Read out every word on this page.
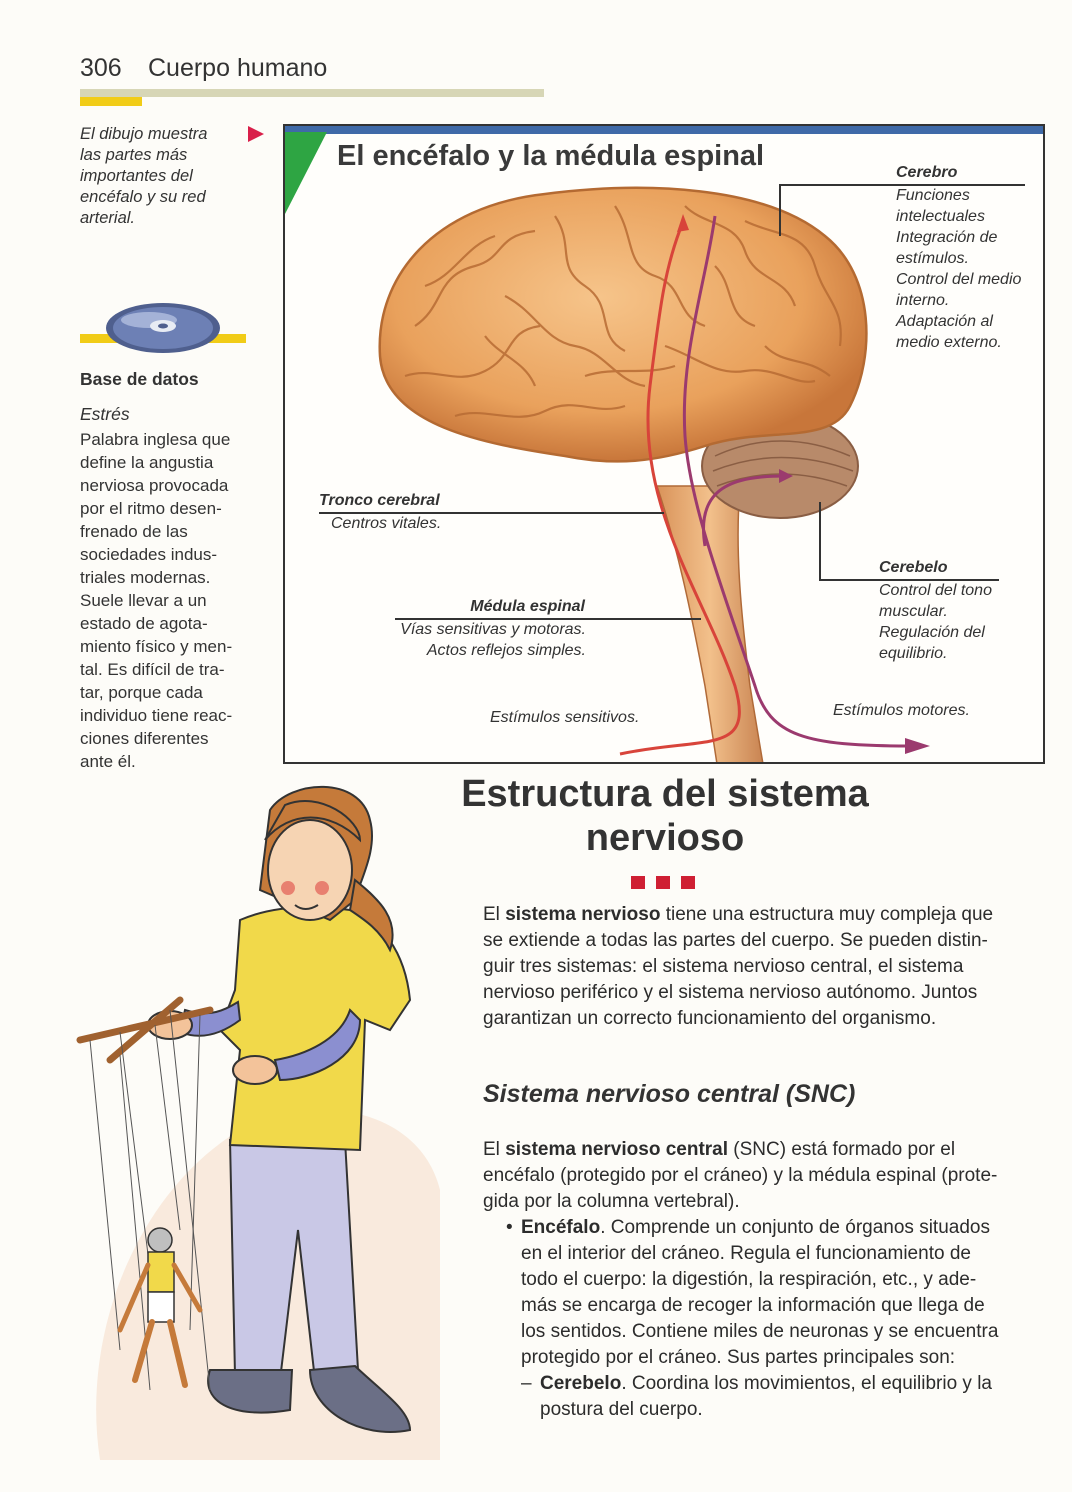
306 Cuerpo humano
El dibujo muestra las partes más importantes del encéfalo y su red arterial.
Base de datos
Estrés
Palabra inglesa que
define la angustia
nerviosa provocada
por el ritmo desen-
frenado de las
sociedades indus-
triales modernas.
Suele llevar a un
estado de agota-
miento físico y men-
tal. Es difícil de tra-
tar, porque cada
individuo tiene reac-
ciones diferentes
ante él.
El encéfalo y la médula espinal
Cerebro
Funciones
intelectuales
Integración de
estímulos.
Control del medio
interno.
Adaptación al
medio externo.
Tronco cerebral
Centros vitales.
Médula espinal
Vías sensitivas y motoras.
Actos reflejos simples.
Cerebelo
Control del tono
muscular.
Regulación del
equilibrio.
Estímulos sensitivos.	Estímulos motores.
Estructura del sistema
nervioso
El sistema nervioso tiene una estructura muy compleja que
se extiende a todas las partes del cuerpo. Se pueden distin-
guir tres sistemas: el sistema nervioso central, el sistema
nervioso periférico y el sistema nervioso autónomo. Juntos
garantizan un correcto funcionamiento del organismo.
Sistema nervioso central (SNC)
El sistema nervioso central (SNC) está formado por el
encéfalo (protegido por el cráneo) y la médula espinal (prote-
gida por la columna vertebral).
• Encéfalo. Comprende un conjunto de órganos situados
en el interior del cráneo. Regula el funcionamiento de
todo el cuerpo: la digestión, la respiración, etc., y ade-
más se encarga de recoger la información que llega de
los sentidos. Contiene miles de neuronas y se encuentra
protegido por el cráneo. Sus partes principales son:
– Cerebelo. Coordina los movimientos, el equilibrio y la
postura del cuerpo.
